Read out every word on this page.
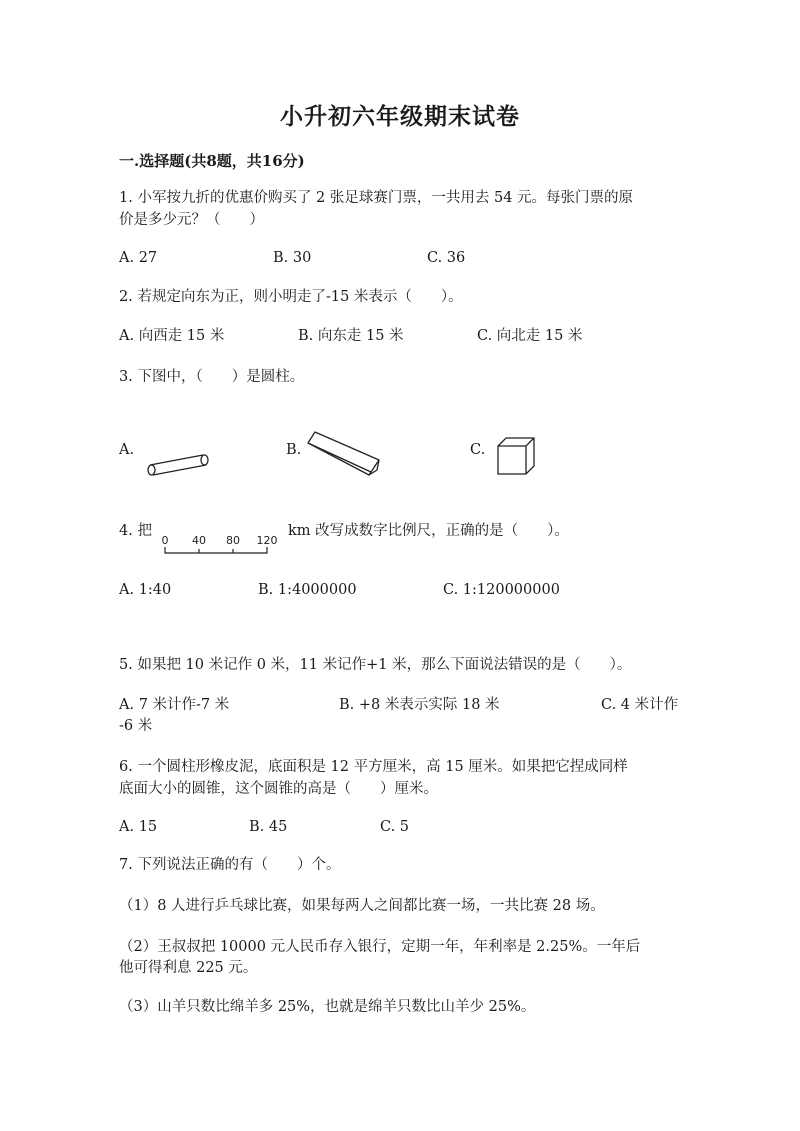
小升初六年级期末试卷
一.选择题(共8题，共16分)
1. 小军按九折的优惠价购买了 2 张足球赛门票，一共用去 54 元。每张门票的原
价是多少元？（　　）
A. 27	B. 30	C. 36
2. 若规定向东为正，则小明走了-15 米表示（　　）。
A. 向西走 15 米	B. 向东走 15 米	C. 向北走 15 米
3. 下图中，（　　）是圆柱。
A.	B.	C.
4. 把
0 40 80 120
km 改写成数字比例尺，正确的是（　　）。
A. 1:40	B. 1:4000000	C. 1:120000000
5. 如果把 10 米记作 0 米，11 米记作+1 米，那么下面说法错误的是（　　）。
A. 7 米计作-7 米	B. +8 米表示实际 18 米	C. 4 米计作
-6 米
6. 一个圆柱形橡皮泥，底面积是 12 平方厘米，高 15 厘米。如果把它捏成同样
底面大小的圆锥，这个圆锥的高是（　　）厘米。
A. 15	B. 45	C. 5
7. 下列说法正确的有（　　）个。
（1）8 人进行乒乓球比赛，如果每两人之间都比赛一场，一共比赛 28 场。
（2）王叔叔把 10000 元人民币存入银行，定期一年，年利率是 2.25%。一年后
他可得利息 225 元。
（3）山羊只数比绵羊多 25%，也就是绵羊只数比山羊少 25%。
